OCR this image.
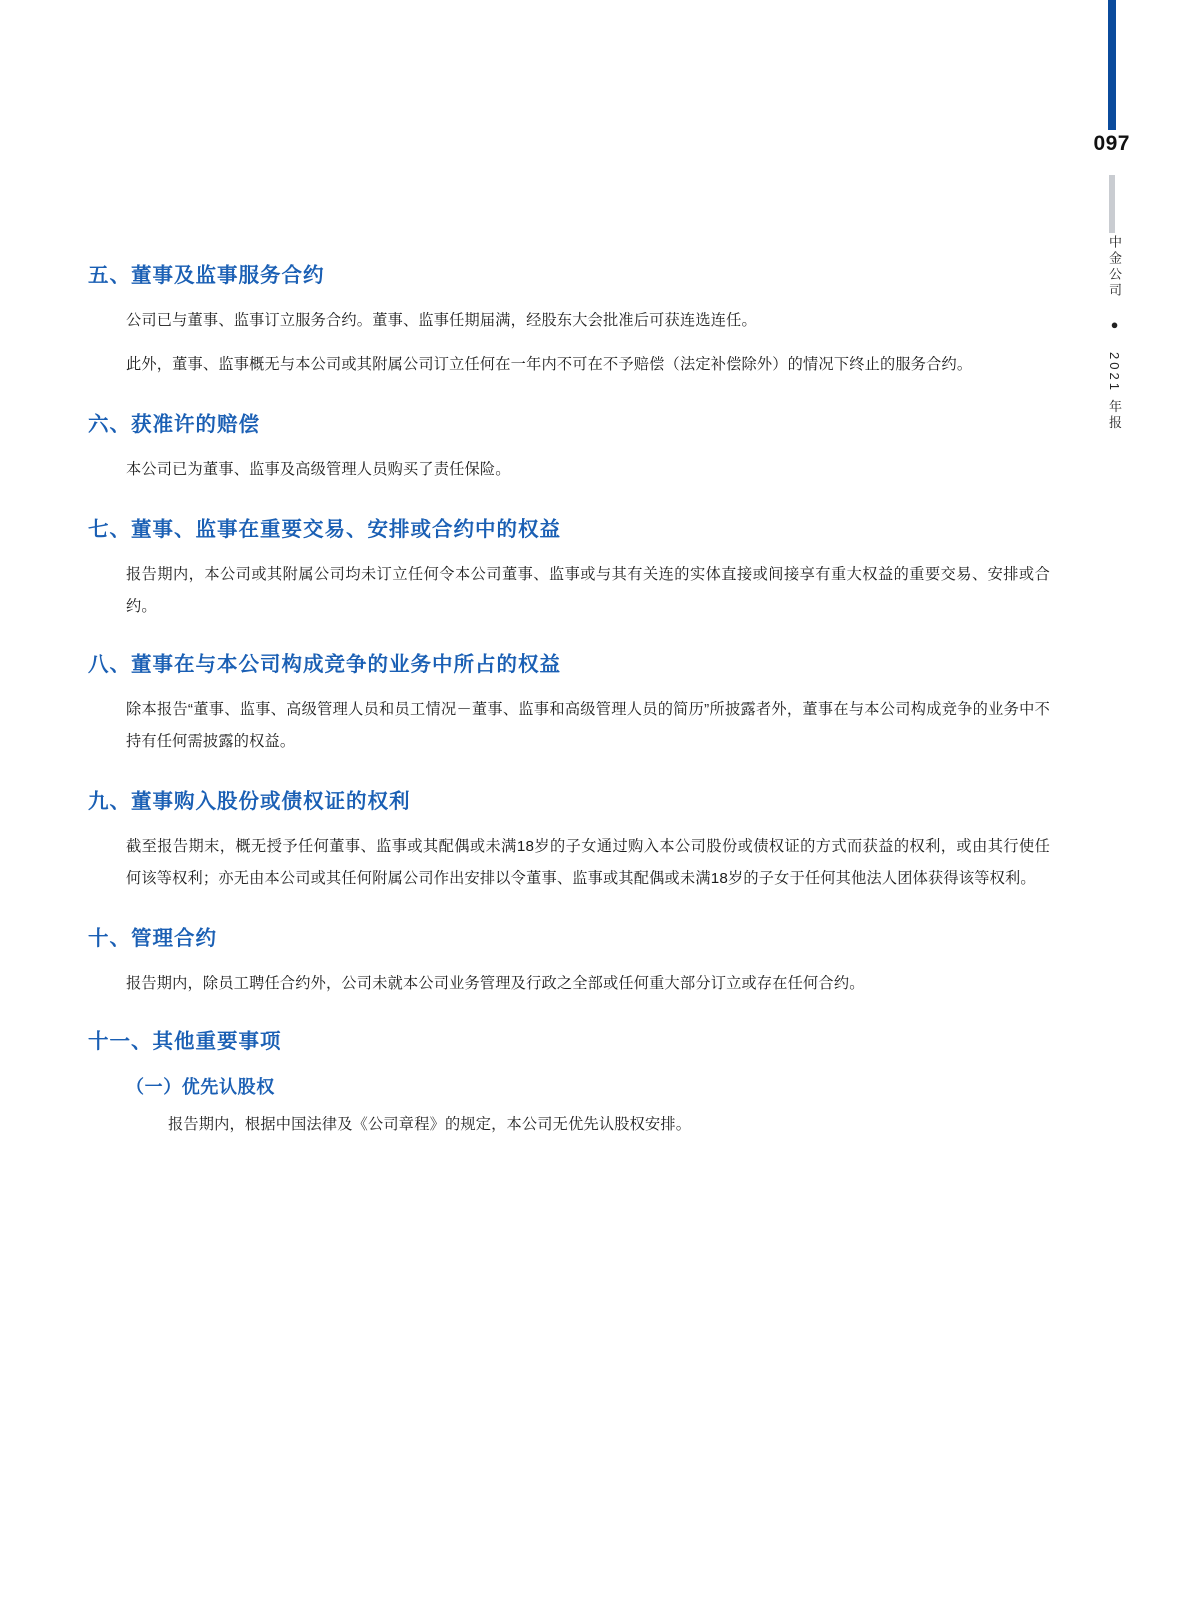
097
中金公司 ● 2021 年报
五、董事及监事服务合约

公司已与董事、监事订立服务合约。董事、监事任期届满，经股东大会批准后可获连选连任。

此外，董事、监事概无与本公司或其附属公司订立任何在一年内不可在不予赔偿（法定补偿除外）的情况下终止的服务合约。

六、获准许的赔偿

本公司已为董事、监事及高级管理人员购买了责任保险。

七、董事、监事在重要交易、安排或合约中的权益

报告期内，本公司或其附属公司均未订立任何令本公司董事、监事或与其有关连的实体直接或间接享有重大权益的重要交易、安排或合约。

八、董事在与本公司构成竞争的业务中所占的权益

除本报告“董事、监事、高级管理人员和员工情况－董事、监事和高级管理人员的简历”所披露者外，董事在与本公司构成竞争的业务中不持有任何需披露的权益。

九、董事购入股份或债权证的权利

截至报告期末，概无授予任何董事、监事或其配偶或未满18岁的子女通过购入本公司股份或债权证的方式而获益的权利，或由其行使任何该等权利；亦无由本公司或其任何附属公司作出安排以令董事、监事或其配偶或未满18岁的子女于任何其他法人团体获得该等权利。

十、管理合约

报告期内，除员工聘任合约外，公司未就本公司业务管理及行政之全部或任何重大部分订立或存在任何合约。

十一、其他重要事项
（一）优先认股权

报告期内，根据中国法律及《公司章程》的规定，本公司无优先认股权安排。
